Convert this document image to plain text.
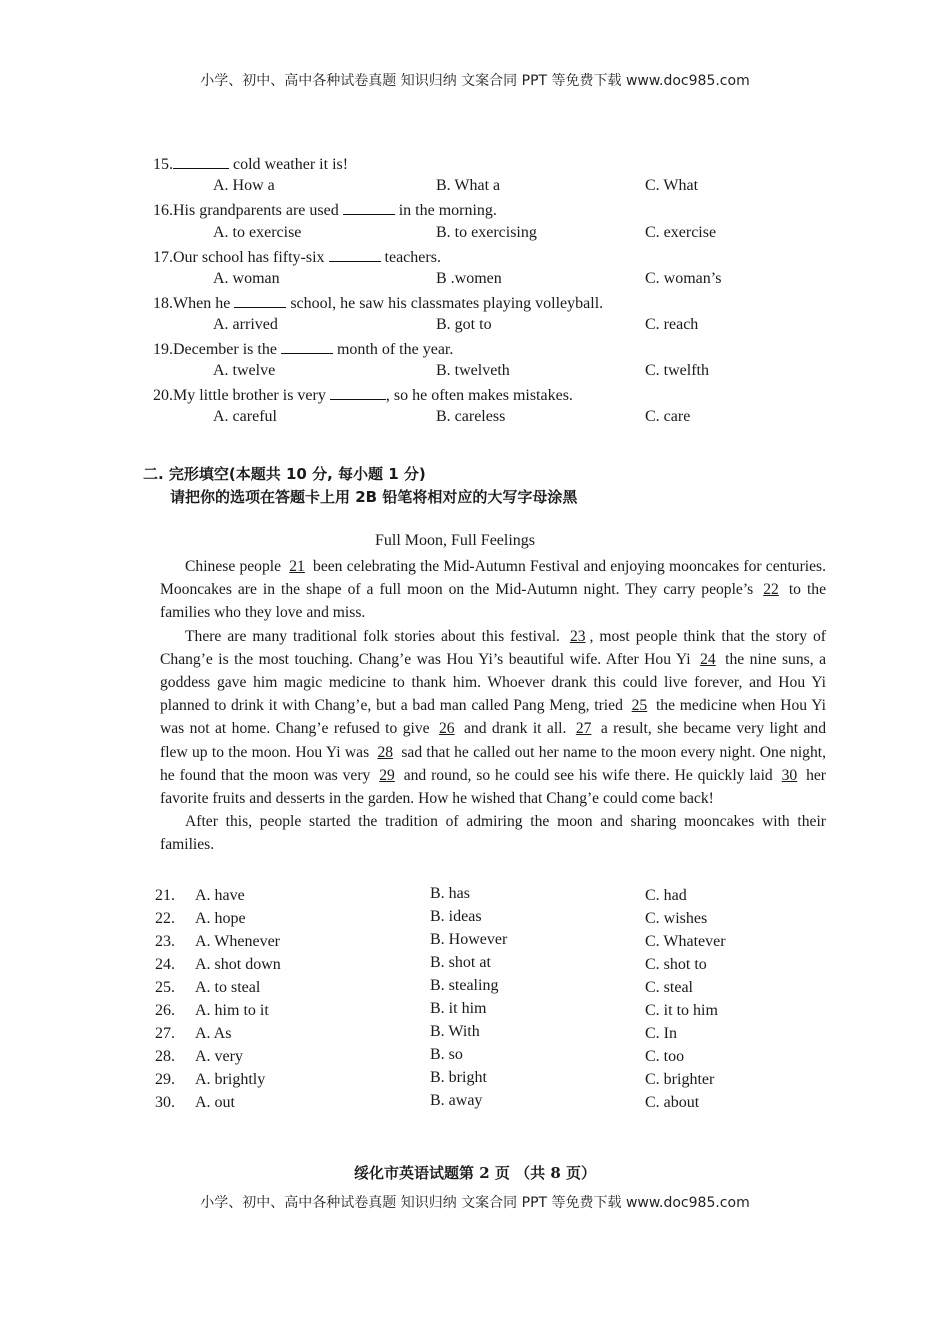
小学、初中、高中各种试卷真题 知识归纳 文案合同 PPT 等免费下载 www.doc985.com
15.	cold weather it is!
A. How a	B. What a	C. What
16.His grandparents are used	in the morning.
A. to exercise	B. to exercising	C. exercise
17.Our school has fifty-six	teachers.
A. woman	B .women	C. woman’s
18.When he	school, he saw his classmates playing volleyball.
A. arrived	B. got to	C. reach
19.December is the	month of the year.
A. twelve	B. twelveth	C. twelfth
20.My little brother is very	, so he often makes mistakes.
A. careful	B. careless	C. care
二. 完形填空(本题共 10 分, 每小题 1 分)
请把你的选项在答题卡上用 2B 铅笔将相对应的大写字母涂黑
Full Moon, Full Feelings

Chinese people 21 been celebrating the Mid-Autumn Festival and enjoying mooncakes for centuries. Mooncakes are in the shape of a full moon on the Mid-Autumn night. They carry people’s 22 to the families who they love and miss.

There are many traditional folk stories about this festival. 23 , most people think that the story of Chang’e is the most touching. Chang’e was Hou Yi’s beautiful wife. After Hou Yi 24 the nine suns, a goddess gave him magic medicine to thank him. Whoever drank this could live forever, and Hou Yi planned to drink it with Chang’e, but a bad man called Pang Meng, tried 25 the medicine when Hou Yi was not at home. Chang’e refused to give 26 and drank it all. 27 a result, she became very light and flew up to the moon. Hou Yi was 28 sad that he called out her name to the moon every night. One night, he found that the moon was very 29 and round, so he could see his wife there. He quickly laid 30 her favorite fruits and desserts in the garden. How he wished that Chang’e could come back!

After this, people started the tradition of admiring the moon and sharing mooncakes with their families.

21. A. have	B. has	C. had
22. A. hope	B. ideas	C. wishes
23. A. Whenever	B. However	C. Whatever
24. A. shot down	B. shot at	C. shot to
25. A. to steal	B. stealing	C. steal
26. A. him to it	B. it him	C. it to him
27. A. As	B. With	C. In
28. A. very	B. so	C. too
29. A. brightly	B. bright	C. brighter
30. A. out	B. away	C. about
绥化市英语试题第 2 页 （共 8 页）
小学、初中、高中各种试卷真题 知识归纳 文案合同 PPT 等免费下载 www.doc985.com
